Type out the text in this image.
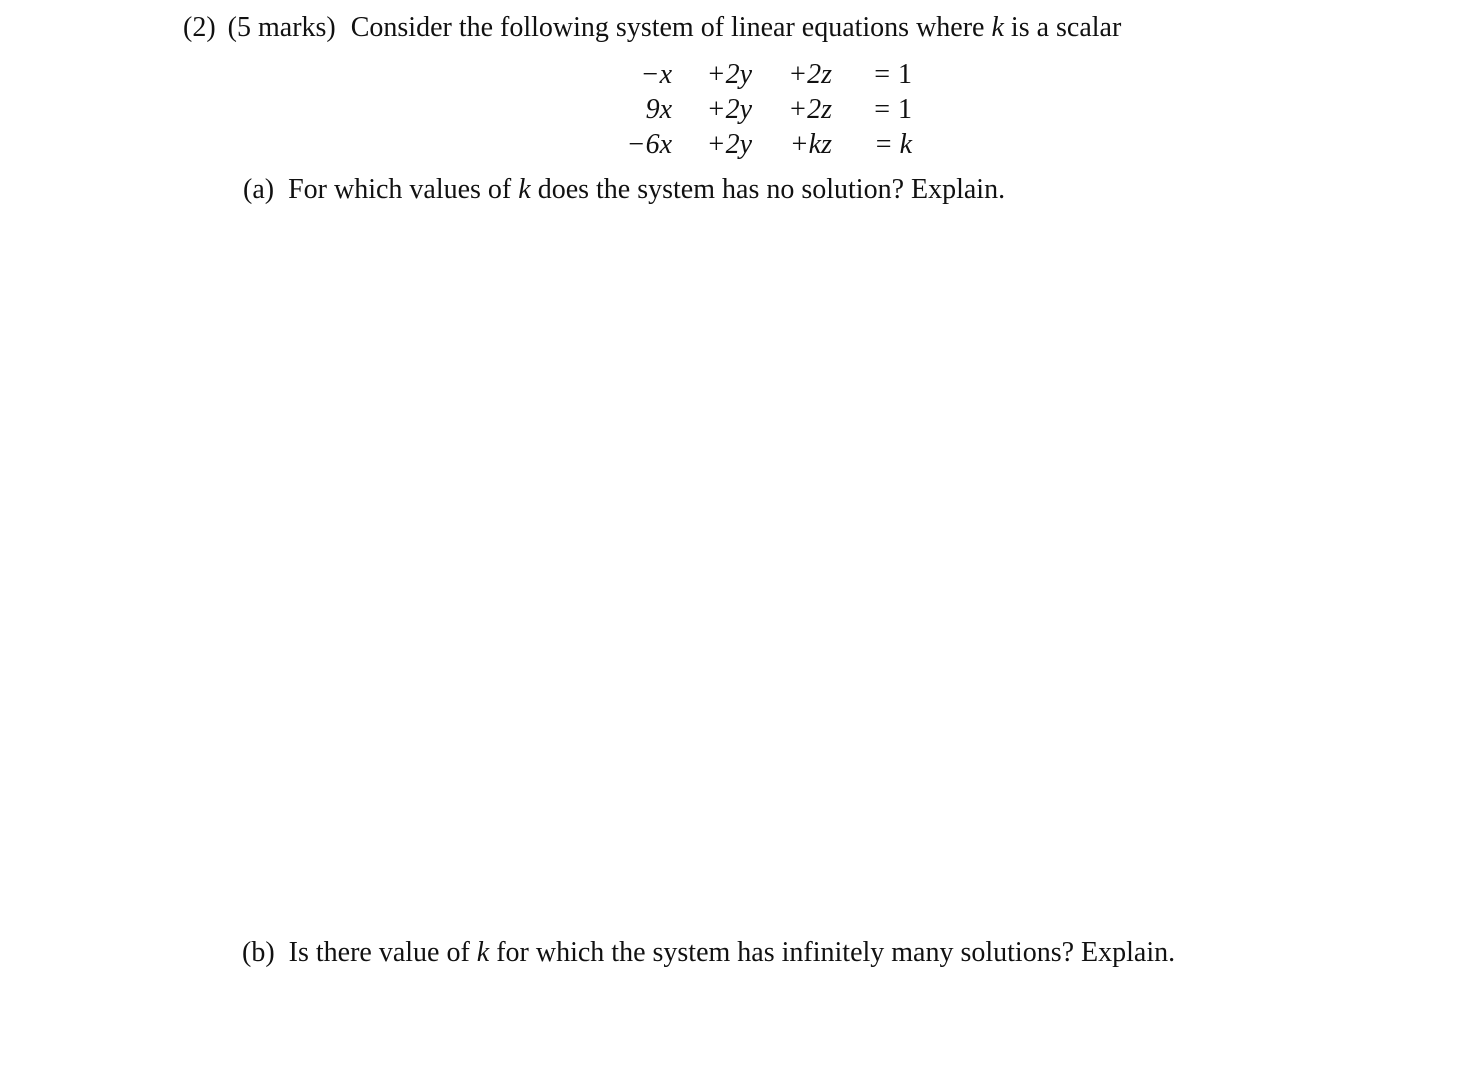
(2) (5 marks) Consider the following system of linear equations where k is a scalar
−x	+2y	+2z	= 1
9x	+2y	+2z	= 1
−6x	+2y	+kz	= k
(a) For which values of k does the system has no solution? Explain.
(b) Is there value of k for which the system has infinitely many solutions? Explain.
